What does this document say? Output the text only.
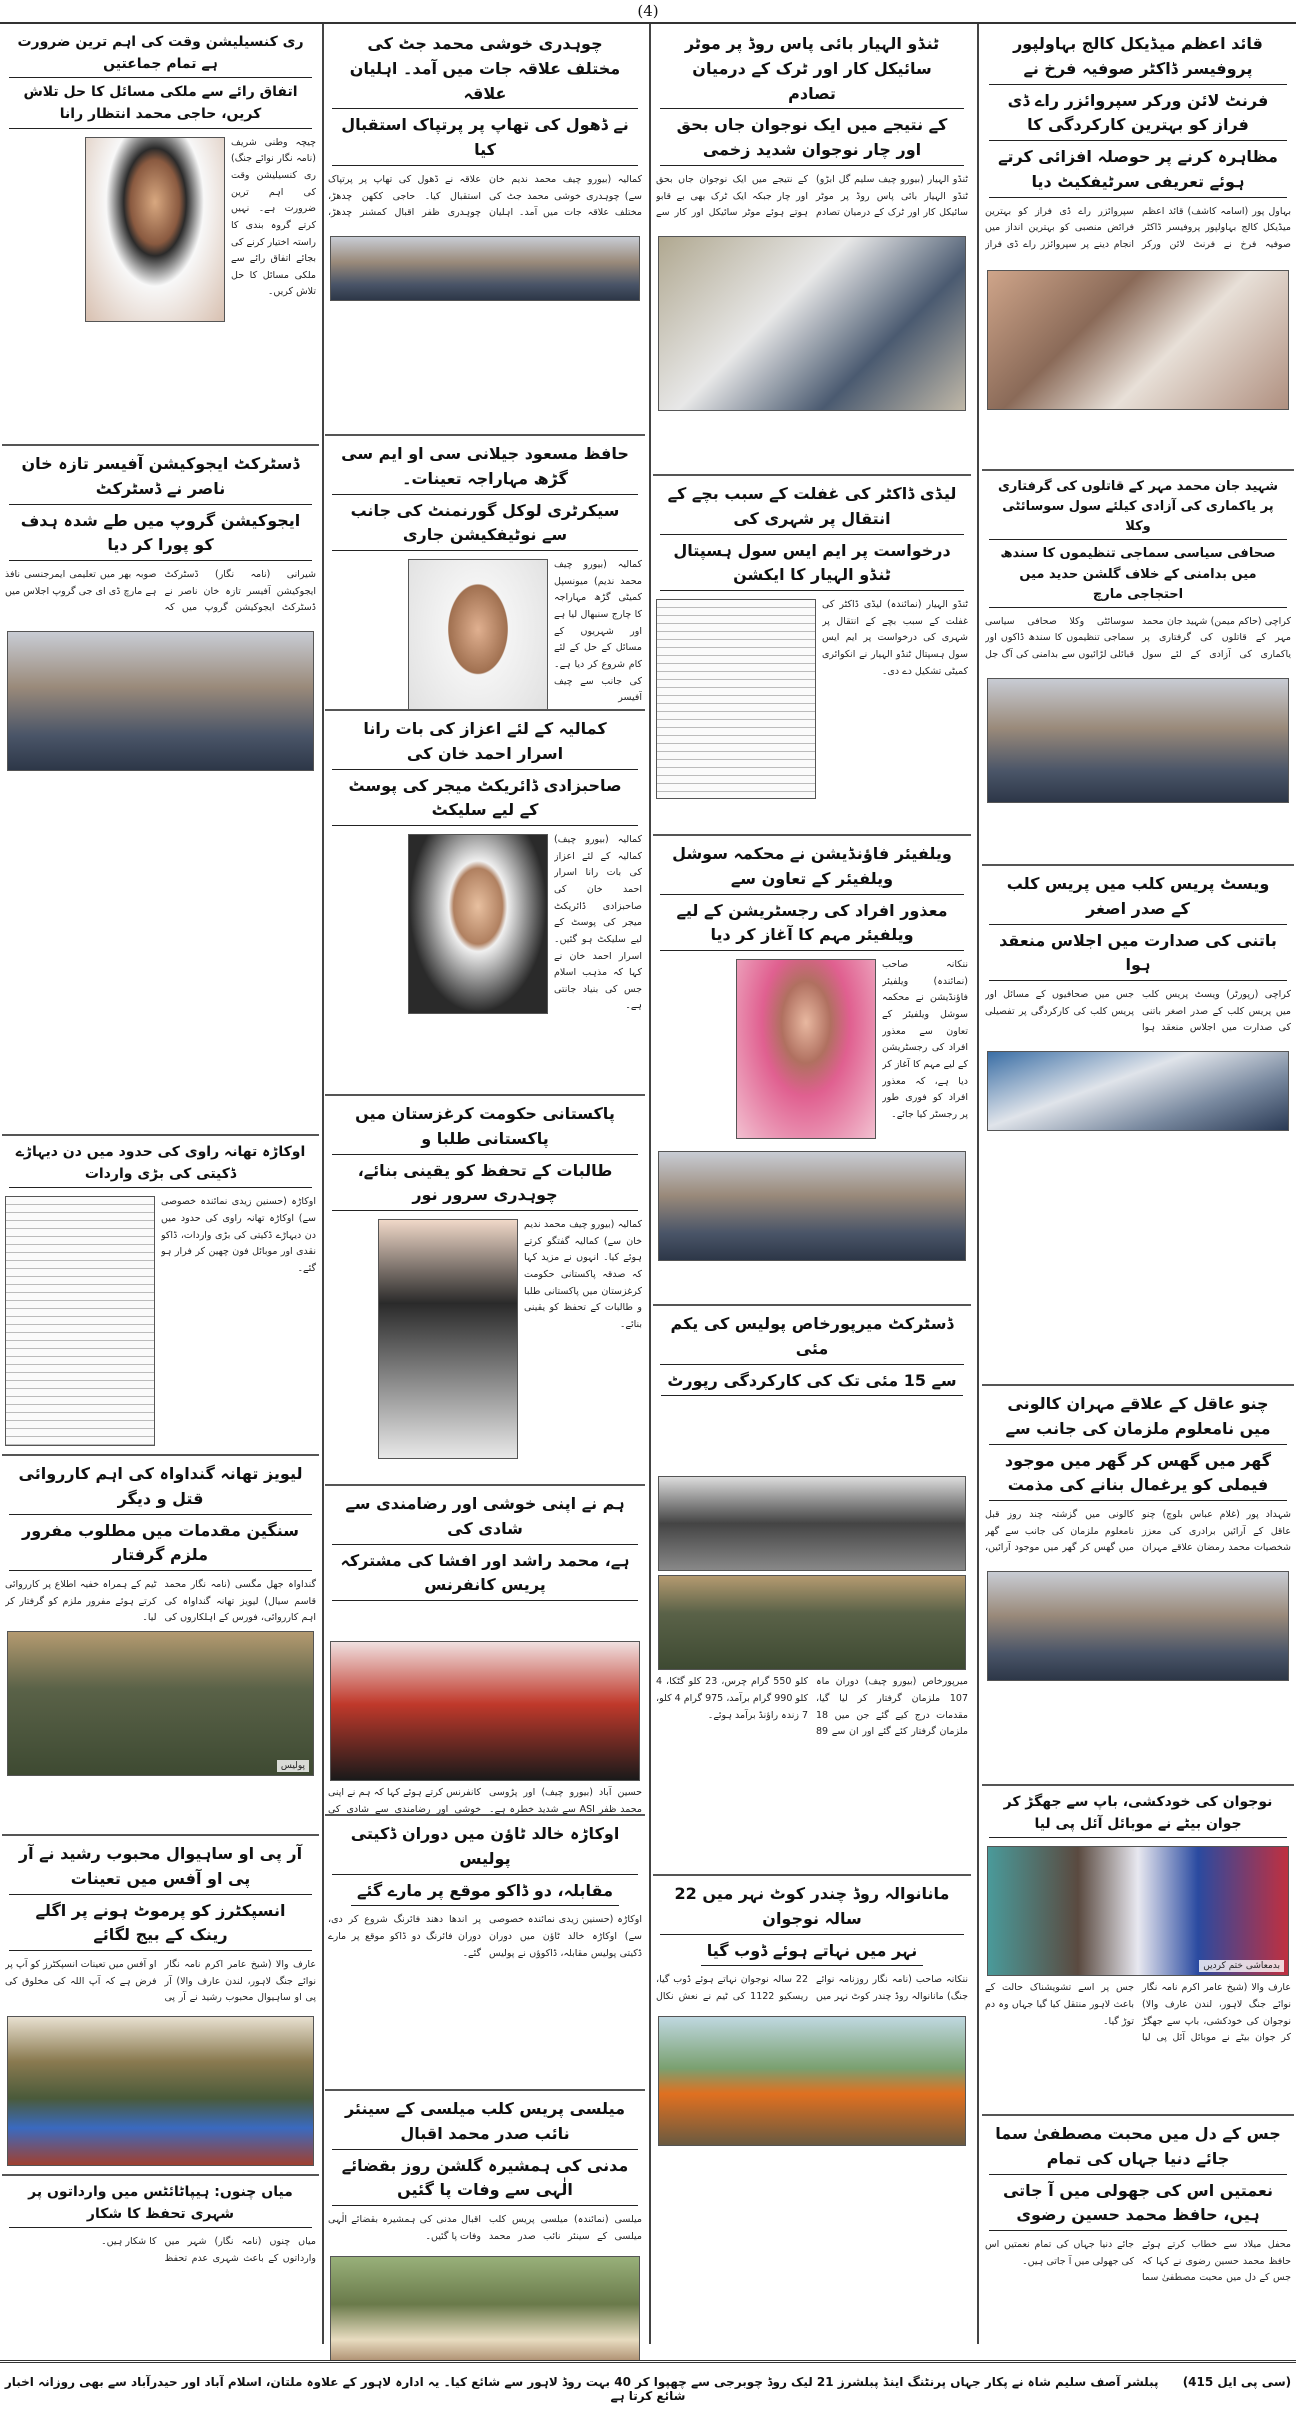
(4)
قائد اعظم میڈیکل کالج بہاولپور پروفیسر ڈاکٹر صوفیہ فرخ نے
فرنٹ لائن ورکر سپروائزر راے ڈی فراز کو بہترین کارکردگی کا
مظاہرہ کرنے پر حوصلہ افزائی کرتے ہوئے تعریفی سرٹیفکیٹ دیا
بہاول پور (اسامہ کاشف) قائد اعظم میڈیکل کالج بہاولپور پروفیسر ڈاکٹر صوفیہ فرخ نے فرنٹ لائن ورکر سپروائزر راے ڈی فراز کو بہترین فرائض منصبی کو بہترین انداز میں انجام دینے پر سپروائزر راے ڈی فراز
شہید جان محمد مہر کے قاتلوں کی گرفتاری پر یاکماری کی آزادی کیلئے سول سوسائٹی وکلا
صحافی سیاسی سماجی تنظیموں کا سندھ میں بدامنی کے خلاف گلشن حدید میں احتجاجی مارچ
کراچی (حاکم میمن) شہید جان محمد مہر کے قاتلوں کی گرفتاری پر یاکماری کی آزادی کے لئے سول سوسائٹی وکلا صحافی سیاسی سماجی تنظیموں کا سندھ ڈاکوں اور قبائلی لڑائیوں سے بدامنی کی آگ جل
ویسٹ پریس کلب میں پریس کلب کے صدر اصغر
باتنی کی صدارت میں اجلاس منعقد ہوا
کراچی (رپورٹر) ویسٹ پریس کلب میں پریس کلب کے صدر اصغر باتنی کی صدارت میں اجلاس منعقد ہوا جس میں صحافیوں کے مسائل اور پریس کلب کی کارکردگی پر تفصیلی
چنو عاقل کے علاقے مہران کالونی میں نامعلوم ملزمان کی جانب سے
گھر میں گھس کر گھر میں موجود فیملی کو یرغمال بنانے کی مذمت
شہداد پور (غلام عباس بلوچ) چنو عاقل کے آرائیں برادری کی معزز شخصیات محمد رمضان علاقے مہران کالونی میں گزشتہ چند روز قبل نامعلوم ملزمان کی جانب سے گھر میں گھس کر گھر میں موجود آرائیں،
نوجوان کی خودکشی، باپ سے جھگڑ کر جوان بیٹے نے موبائل آئل پی لیا
بدمعاشی ختم کردیں
عارف والا (شیخ عامر اکرم نامہ نگار نوائے جنگ لاہور، لندن عارف والا) نوجوان کی خودکشی، باپ سے جھگڑ کر جوان بیٹے نے موبائل آئل پی لیا جس پر اسے تشویشناک حالت کے باعث لاہور منتقل کیا گیا جہاں وہ دم توڑ گیا۔
جس کے دل میں محبت مصطفیٰ سما جائے دنیا جہاں کی تمام
نعمتیں اس کی جھولی میں آ جاتی ہیں، حافظ محمد حسین رضوی
محفل میلاد سے خطاب کرتے ہوئے حافظ محمد حسین رضوی نے کہا کہ جس کے دل میں محبت مصطفیٰ سما جائے دنیا جہاں کی تمام نعمتیں اس کی جھولی میں آ جاتی ہیں۔
ٹنڈو الہیار بائی پاس روڈ پر موٹر سائیکل کار اور ٹرک کے درمیان تصادم
کے نتیجے میں ایک نوجوان جاں بحق اور چار نوجوان شدید زخمی
ٹنڈو الہیار (بیورو چیف سلیم گل ابڑو) ٹنڈو الہیار بائی پاس روڈ پر موٹر سائیکل کار اور ٹرک کے درمیان تصادم کے نتیجے میں ایک نوجوان جاں بحق اور چار جبکہ ایک ٹرک بھی بے قابو ہوتے ہوئے موٹر سائیکل اور کار سے
لیڈی ڈاکٹر کی غفلت کے سبب بچے کے انتقال پر شہری کی
درخواست پر ایم ایس سول ہسپتال ٹنڈو الہیار کا ایکشن
ٹنڈو الہیار (نمائندہ) لیڈی ڈاکٹر کی غفلت کے سبب بچے کے انتقال پر شہری کی درخواست پر ایم ایس سول ہسپتال ٹنڈو الہیار نے انکوائری کمیٹی تشکیل دے دی۔
ویلفیئر فاؤنڈیشن نے محکمہ سوشل ویلفیئر کے تعاون سے
معذور افراد کی رجسٹریشن کے لیے ویلفیئر مہم کا آغاز کر دیا
ننکانہ صاحب (نمائندہ) ویلفیئر فاؤنڈیشن نے محکمہ سوشل ویلفیئر کے تعاون سے معذور افراد کی رجسٹریشن کے لیے مہم کا آغاز کر دیا ہے، کہ معذور افراد کو فوری طور پر رجسٹر کیا جائے۔
ڈسٹرکٹ میرپورخاص پولیس کی یکم مئی
سے 15 مئی تک کی کارکردگی رپورٹ
میرپورخاص (بیورو چیف) دوران ماہ 107 ملزمان گرفتار کر لیا گیا، مقدمات درج کیے گئے جن میں 18 ملزمان گرفتار کئے گئے اور ان سے 89 کلو 550 گرام چرس، 23 کلو گٹکا، 4 کلو 990 گرام برآمد، 975 گرام 4 کلو، 7 زندہ راؤنڈ برآمد ہوئے۔
مانانوالہ روڈ چندر کوٹ نہر میں 22 سالہ نوجوان
نہر میں نہاتے ہوئے ڈوب گیا
ننکانہ صاحب (نامہ نگار روزنامہ نوائے جنگ) مانانوالہ روڈ چندر کوٹ نہر میں 22 سالہ نوجوان نہاتے ہوئے ڈوب گیا، ریسکیو 1122 کی ٹیم نے نعش نکال
چوہدری خوشی محمد جٹ کی مختلف علاقہ جات میں آمد۔ اہلیان علاقہ
نے ڈھول کی تھاپ پر پرتپاک استقبال کیا
کمالیہ (بیورو چیف محمد ندیم خان سے) چوہدری خوشی محمد جٹ کی مختلف علاقہ جات میں آمد۔ اہلیان علاقہ نے ڈھول کی تھاپ پر پرتپاک استقبال کیا۔ حاجی ککھن چدھڑ، چوہدری ظفر اقبال کمشنر چدھڑ،
حافظ مسعود جیلانی سی او ایم سی گڑھ مہاراجہ تعینات۔
سیکرٹری لوکل گورنمنٹ کی جانب سے نوٹیفکیشن جاری
کمالیہ (بیورو چیف محمد ندیم) میونسپل کمیٹی گڑھ مہاراجہ کا چارج سنبھال لیا ہے اور شہریوں کے مسائل کے حل کے لئے کام شروع کر دیا ہے۔ کی جانب سے چیف آفیسر
کمالیہ کے لئے اعزاز کی بات رانا اسرار احمد خان کی
صاحبزادی ڈائریکٹ میجر کی پوسٹ کے لیے سلیکٹ
کمالیہ (بیورو چیف) کمالیہ کے لئے اعزاز کی بات رانا اسرار احمد خان کی صاحبزادی ڈائریکٹ میجر کی پوسٹ کے لیے سلیکٹ ہو گئیں۔ اسرار احمد خان نے کہا کہ مذہب اسلام جس کی بنیاد جانتی ہے۔
پاکستانی حکومت کرغزستان میں پاکستانی طلبا و
طالبات کے تحفظ کو یقینی بنائے، چوہدری سرور نور
کمالیہ (بیورو چیف محمد ندیم خان سے) کمالیہ گفتگو کرتے ہوئے کیا۔ انہوں نے مزید کہا کہ صدقہ پاکستانی حکومت کرغزستان میں پاکستانی طلبا و طالبات کے تحفظ کو یقینی بنائے۔
ہم نے اپنی خوشی اور رضامندی سے شادی کی
ہے، محمد راشد اور افشا کی مشترکہ پریس کانفرنس
حسین آباد (بیورو چیف) اور پڑوسی محمد ظفر ASI سے شدید خطرہ ہے۔ کانفرنس کرتے ہوئے کہا کہ ہم نے اپنی خوشی اور رضامندی سے شادی کی
اوکاڑہ خالد ٹاؤن میں دوران ڈکیتی پولیس
مقابلہ، دو ڈاکو موقع پر مارے گئے
اوکاڑہ (حسنین زیدی نمائندہ خصوصی سے) اوکاڑہ خالد ٹاؤن میں دوران ڈکیتی پولیس مقابلہ، ڈاکوؤں نے پولیس پر اندھا دھند فائرنگ شروع کر دی، دوران فائرنگ دو ڈاکو موقع پر مارے گئے۔
میلسی پریس کلب میلسی کے سینئر نائب صدر محمد اقبال
مدنی کی ہمشیرہ گلشن روز بقضائے الٰہی سے وفات پا گئیں
میلسی (نمائندہ) میلسی پریس کلب میلسی کے سینئر نائب صدر محمد اقبال مدنی کی ہمشیرہ بقضائے الٰہی وفات پا گئیں۔
ری کنسیلیشن وقت کی اہم ترین ضرورت ہے تمام جماعتیں
اتفاق رائے سے ملکی مسائل کا حل تلاش کریں، حاجی محمد انتظار رانا
چیچہ وطنی شریف (نامہ نگار نوائے جنگ) ری کنسیلیشن وقت کی اہم ترین ضرورت ہے۔ نہیں کرتے گروہ بندی کا راستہ اختیار کرنے کی بجائے اتفاق رائے سے ملکی مسائل کا حل تلاش کریں۔
ڈسٹرکٹ ایجوکیشن آفیسر تازہ خان ناصر نے ڈسٹرکٹ
ایجوکیشن گروپ میں طے شدہ ہدف کو پورا کر دیا
شیرانی (نامہ نگار) ڈسٹرکٹ ایجوکیشن آفیسر تازہ خان ناصر نے ڈسٹرکٹ ایجوکیشن گروپ میں کہ صوبہ بھر میں تعلیمی ایمرجنسی نافذ ہے مارچ ڈی ای جی گروپ اجلاس میں
اوکاڑہ تھانہ راوی کی حدود میں دن دیہاڑے ڈکیتی کی بڑی واردات
اوکاڑہ (حسنین زیدی نمائندہ خصوصی سے) اوکاڑہ تھانہ راوی کی حدود میں دن دیہاڑے ڈکیتی کی بڑی واردات، ڈاکو نقدی اور موبائل فون چھین کر فرار ہو گئے۔
لیویز تھانہ گنداواہ کی اہم کارروائی قتل و دیگر
سنگین مقدمات میں مطلوب مفرور ملزم گرفتار
گنداواہ جھل مگسی (نامہ نگار محمد قاسم سیال) لیویز تھانہ گنداواہ کی اہم کارروائی، فورس کے اہلکاروں کی ٹیم کے ہمراہ خفیہ اطلاع پر کارروائی کرتے ہوئے مفرور ملزم کو گرفتار کر لیا۔
پولیس
آر پی او ساہیوال محبوب رشید نے آر پی او آفس میں تعینات
انسپکٹرز کو پرموٹ ہونے پر اگلے رینک کے بیج لگائے
عارف والا (شیخ عامر اکرم نامہ نگار نوائے جنگ لاہور، لندن عارف والا) آر پی او ساہیوال محبوب رشید نے آر پی او آفس میں تعینات انسپکٹرز کو آپ پر فرض ہے کہ آپ اللہ کی مخلوق کی
میاں چنوں: ہیپاٹائٹس میں وارداتوں پر شہری تحفظ کا شکار
میاں چنوں (نامہ نگار) شہر میں وارداتوں کے باعث شہری عدم تحفظ کا شکار ہیں۔
(سی پی ایل 415) پبلشر آصف سلیم شاہ نے پکار جہاں پرنٹنگ اینڈ پبلشرز 21 لیک روڈ چوبرجی سے چھپوا کر 40 بہت روڈ لاہور سے شائع کیا۔ یہ ادارہ لاہور کے علاوہ ملتان، اسلام آباد اور حیدرآباد سے بھی روزانہ اخبار شائع کرتا ہے
